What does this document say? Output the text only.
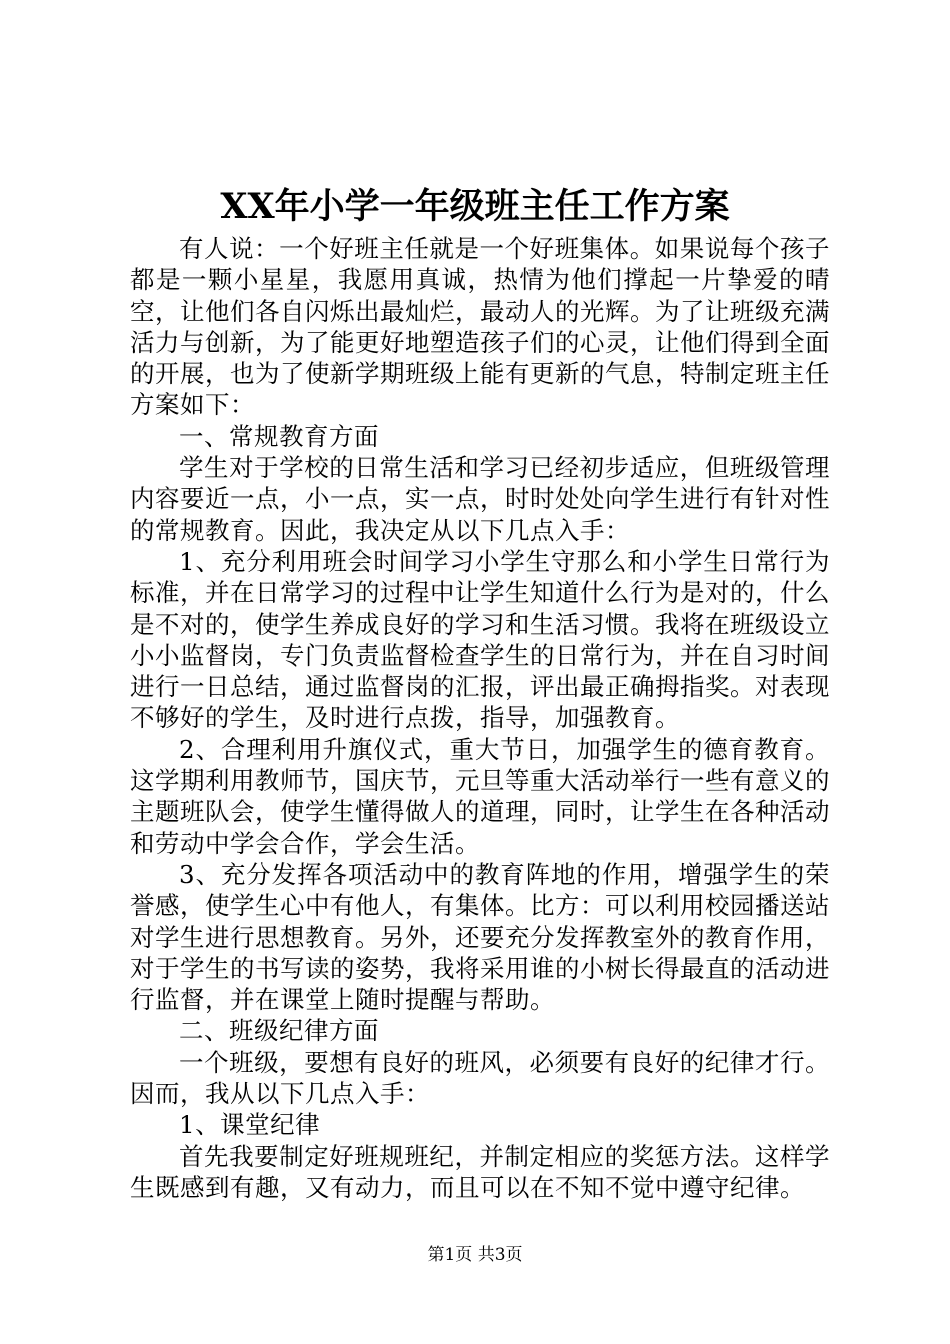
XX年小学一年级班主任工作方案

有人说：一个好班主任就是一个好班集体。如果说每个孩子都是一颗小星星，我愿用真诚，热情为他们撑起一片挚爱的晴空，让他们各自闪烁出最灿烂，最动人的光辉。为了让班级充满活力与创新，为了能更好地塑造孩子们的心灵，让他们得到全面的开展，也为了使新学期班级上能有更新的气息，特制定班主任方案如下：

一、常规教育方面

学生对于学校的日常生活和学习已经初步适应，但班级管理内容要近一点，小一点，实一点，时时处处向学生进行有针对性的常规教育。因此，我决定从以下几点入手：

1、充分利用班会时间学习小学生守那么和小学生日常行为标准，并在日常学习的过程中让学生知道什么行为是对的，什么是不对的，使学生养成良好的学习和生活习惯。我将在班级设立小小监督岗，专门负责监督检查学生的日常行为，并在自习时间进行一日总结，通过监督岗的汇报，评出最正确拇指奖。对表现不够好的学生，及时进行点拨，指导，加强教育。

2、合理利用升旗仪式，重大节日，加强学生的德育教育。这学期利用教师节，国庆节，元旦等重大活动举行一些有意义的主题班队会，使学生懂得做人的道理，同时，让学生在各种活动和劳动中学会合作，学会生活。

3、充分发挥各项活动中的教育阵地的作用，增强学生的荣誉感，使学生心中有他人，有集体。比方：可以利用校园播送站对学生进行思想教育。另外，还要充分发挥教室外的教育作用，对于学生的书写读的姿势，我将采用谁的小树长得最直的活动进行监督，并在课堂上随时提醒与帮助。

二、班级纪律方面

一个班级，要想有良好的班风，必须要有良好的纪律才行。因而，我从以下几点入手：

1、课堂纪律

首先我要制定好班规班纪，并制定相应的奖惩方法。这样学生既感到有趣，又有动力，而且可以在不知不觉中遵守纪律。

第1页 共3页
